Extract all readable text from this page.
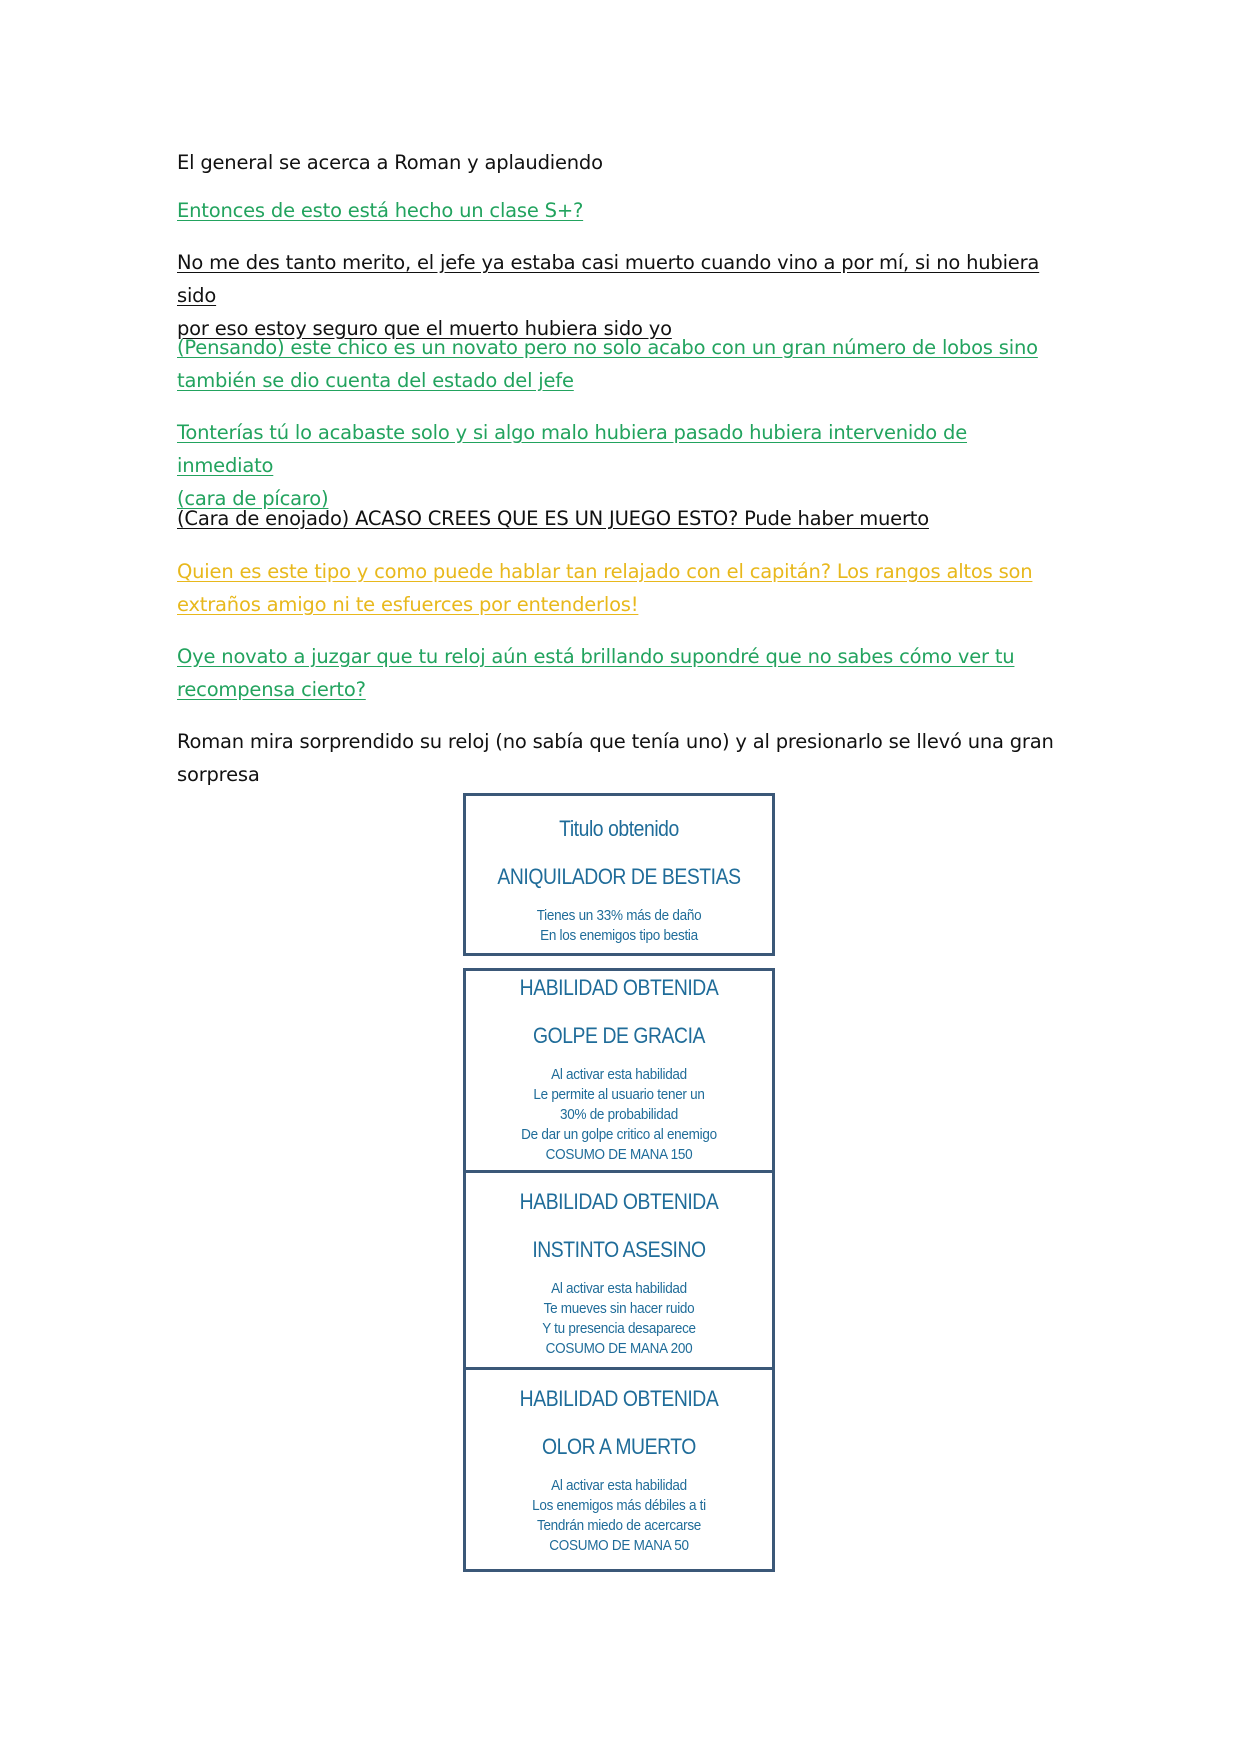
El general se acerca a Roman y aplaudiendo
Entonces de esto está hecho un clase S+?
No me des tanto merito, el jefe ya estaba casi muerto cuando vino a por mí, si no hubiera sido
por eso estoy seguro que el muerto hubiera sido yo
(Pensando) este chico es un novato pero no solo acabo con un gran número de lobos sino
también se dio cuenta del estado del jefe
Tonterías tú lo acabaste solo y si algo malo hubiera pasado hubiera intervenido de inmediato
(cara de pícaro)
(Cara de enojado) ACASO CREES QUE ES UN JUEGO ESTO? Pude haber muerto
Quien es este tipo y como puede hablar tan relajado con el capitán? Los rangos altos son
extraños amigo ni te esfuerces por entenderlos!
Oye novato a juzgar que tu reloj aún está brillando supondré que no sabes cómo ver tu
recompensa cierto?
Roman mira sorprendido su reloj (no sabía que tenía uno) y al presionarlo se llevó una gran
sorpresa
Titulo obtenido
ANIQUILADOR DE BESTIAS
Tienes un 33% más de daño
En los enemigos tipo bestia
HABILIDAD OBTENIDA
GOLPE DE GRACIA
Al activar esta habilidad
Le permite al usuario tener un
30% de probabilidad
De dar un golpe critico al enemigo
COSUMO DE MANA 150
HABILIDAD OBTENIDA
INSTINTO ASESINO
Al activar esta habilidad
Te mueves sin hacer ruido
Y tu presencia desaparece
COSUMO DE MANA 200
HABILIDAD OBTENIDA
OLOR A MUERTO
Al activar esta habilidad
Los enemigos más débiles a ti
Tendrán miedo de acercarse
COSUMO DE MANA 50
